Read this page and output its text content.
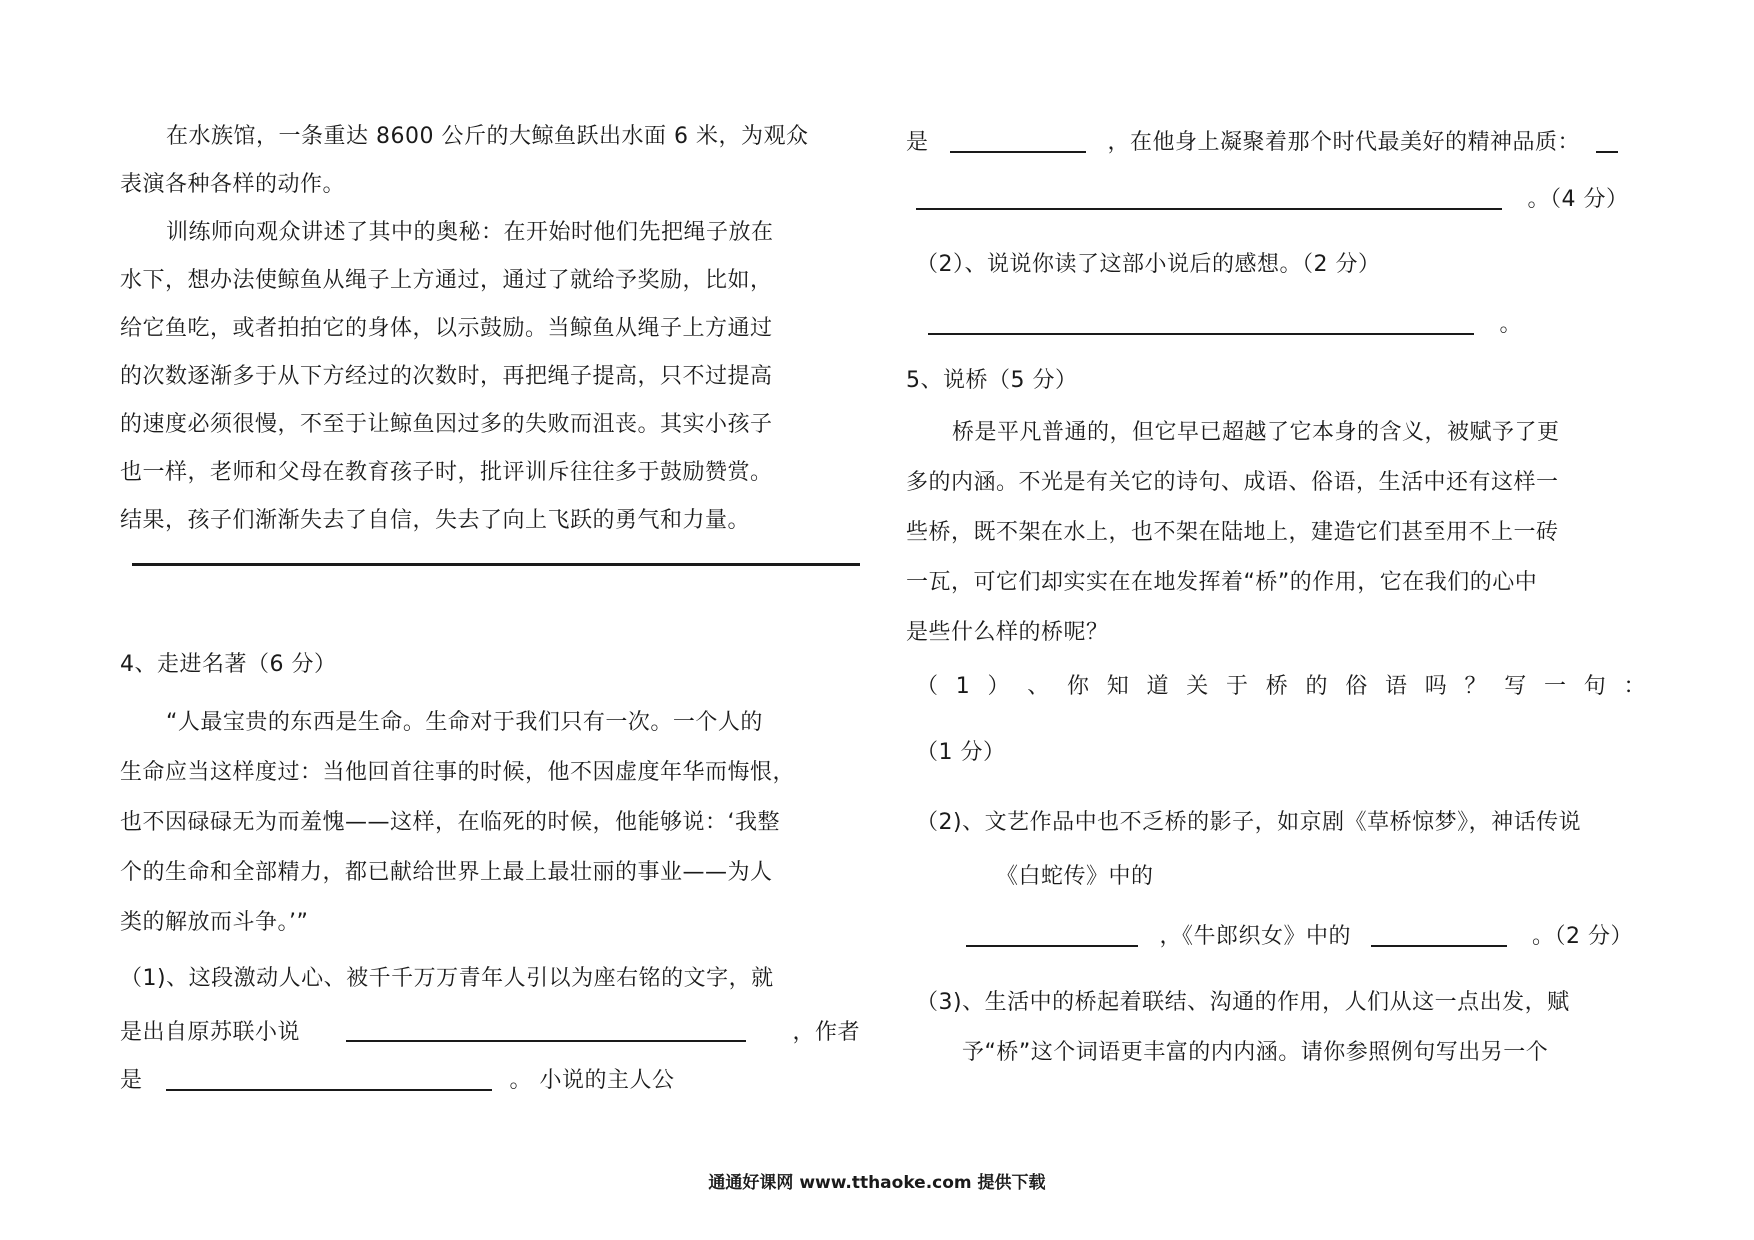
在水族馆，一条重达 8600 公斤的大鲸鱼跃出水面 6 米，为观众
表演各种各样的动作。
训练师向观众讲述了其中的奥秘：在开始时他们先把绳子放在
水下，想办法使鲸鱼从绳子上方通过，通过了就给予奖励，比如，
给它鱼吃，或者拍拍它的身体，以示鼓励。当鲸鱼从绳子上方通过
的次数逐渐多于从下方经过的次数时，再把绳子提高，只不过提高
的速度必须很慢，不至于让鲸鱼因过多的失败而沮丧。其实小孩子
也一样，老师和父母在教育孩子时，批评训斥往往多于鼓励赞赏。
结果，孩子们渐渐失去了自信，失去了向上飞跃的勇气和力量。
4、走进名著（6 分）
“人最宝贵的东西是生命。生命对于我们只有一次。一个人的
生命应当这样度过：当他回首往事的时候，他不因虚度年华而悔恨，
也不因碌碌无为而羞愧——这样，在临死的时候，他能够说：‘我整
个的生命和全部精力，都已献给世界上最上最壮丽的事业——为人
类的解放而斗争。’”
（1)、这段激动人心、被千千万万青年人引以为座右铭的文字，就
是出自原苏联小说	，作者
是	。 小说的主人公
是	，在他身上凝聚着那个时代最美好的精神品质：
。（4 分）
（2）、说说你读了这部小说后的感想。（2 分）
。
5、说桥（5 分）
桥是平凡普通的，但它早已超越了它本身的含义，被赋予了更
多的内涵。不光是有关它的诗句、成语、俗语，生活中还有这样一
些桥，既不架在水上，也不架在陆地上，建造它们甚至用不上一砖
一瓦，可它们却实实在在地发挥着“桥”的作用，它在我们的心中
是些什么样的桥呢？
（ 1 ） 、 你 知 道 关 于 桥 的 俗 语 吗 ？ 写 一 句 ：
（1 分）
（2)、文艺作品中也不乏桥的影子，如京剧《草桥惊梦》，神话传说
《白蛇传》中的
，《牛郎织女》中的	。（2 分）
（3)、生活中的桥起着联结、沟通的作用，人们从这一点出发，赋
予“桥”这个词语更丰富的内内涵。请你参照例句写出另一个
通通好课网 www.tthaoke.com 提供下载
